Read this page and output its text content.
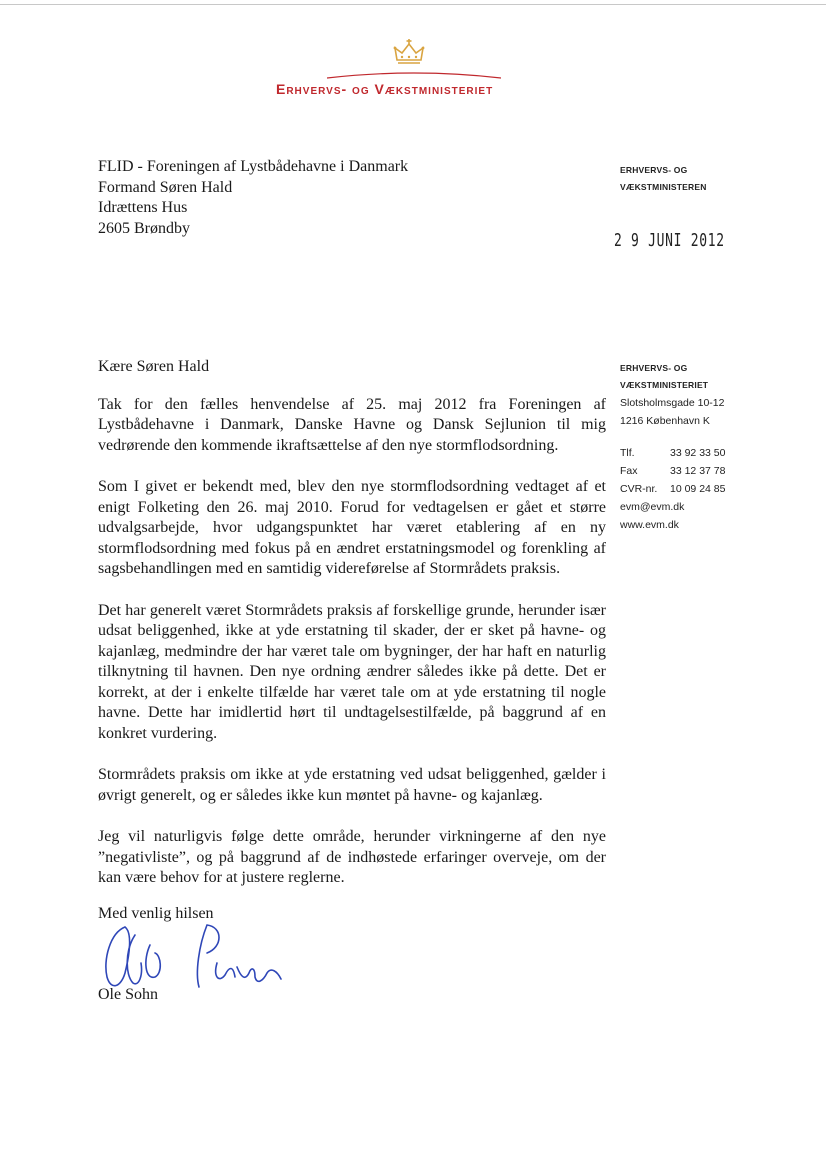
Erhvervs- og Vækstministeriet
FLID - Foreningen af Lystbådehavne i Danmark
Formand Søren Hald
Idrættens Hus
2605 Brøndby
ERHVERVS- OG
VÆKSTMINISTEREN
2 9 JUNI 2012
ERHVERVS- OG
VÆKSTMINISTERIET
Slotsholmsgade 10-12
1216 København K
Tlf.	33 92 33 50
Fax	33 12 37 78
CVR-nr. 10 09 24 85
evm@evm.dk
www.evm.dk

Kære Søren Hald

Tak for den fælles henvendelse af 25. maj 2012 fra Foreningen af Lystbådehavne i Danmark, Danske Havne og Dansk Sejlunion til mig vedrørende den kommende ikraftsættelse af den nye stormflodsordning.

Som I givet er bekendt med, blev den nye stormflodsordning vedtaget af et enigt Folketing den 26. maj 2010. Forud for vedtagelsen er gået et større udvalgsarbejde, hvor udgangspunktet har været etablering af en ny stormflodsordning med fokus på en ændret erstatningsmodel og forenkling af sagsbehandlingen med en samtidig videreførelse af Stormrådets praksis.

Det har generelt været Stormrådets praksis af forskellige grunde, herunder især udsat beliggenhed, ikke at yde erstatning til skader, der er sket på havne- og kajanlæg, medmindre der har været tale om bygninger, der har haft en naturlig tilknytning til havnen. Den nye ordning ændrer således ikke på dette. Det er korrekt, at der i enkelte tilfælde har været tale om at yde erstatning til nogle havne. Dette har imidlertid hørt til undtagelsestilfælde, på baggrund af en konkret vurdering.

Stormrådets praksis om ikke at yde erstatning ved udsat beliggenhed, gælder i øvrigt generelt, og er således ikke kun møntet på havne- og kajanlæg.

Jeg vil naturligvis følge dette område, herunder virkningerne af den nye ”negativliste”, og på baggrund af de indhøstede erfaringer overveje, om der kan være behov for at justere reglerne.

Med venlig hilsen
Ole Sohn
